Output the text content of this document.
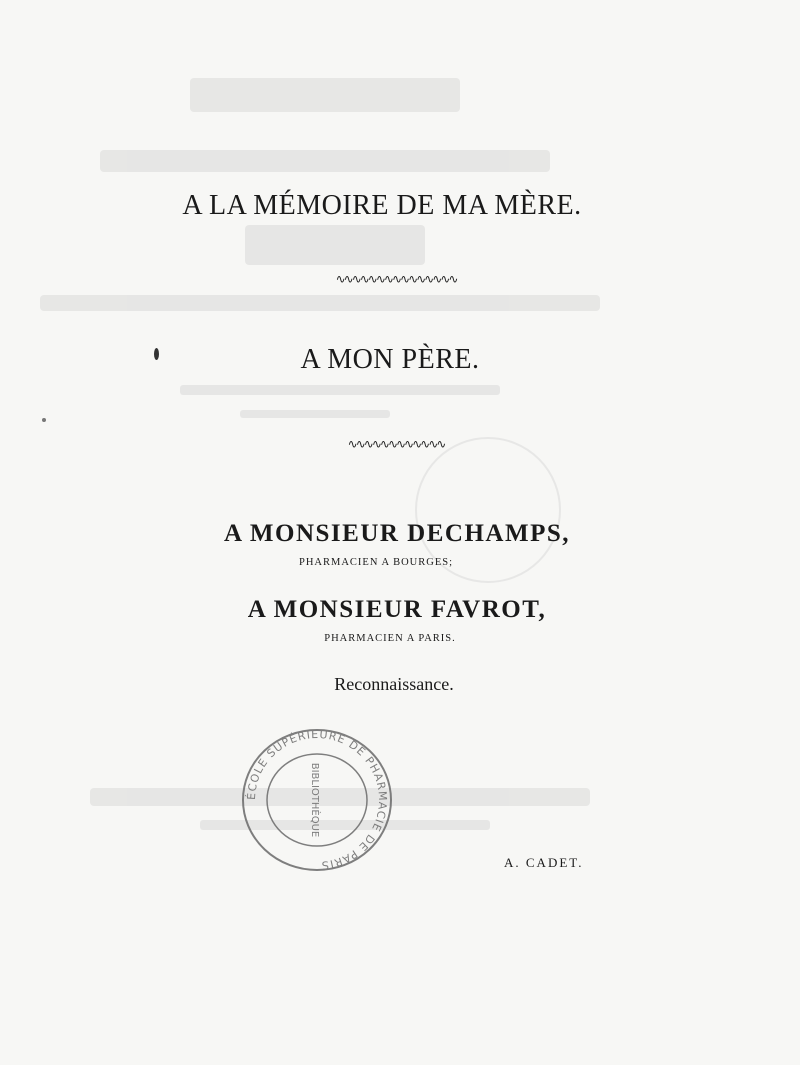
A LA MÉMOIRE DE MA MÈRE.
∿∿∿∿∿∿∿∿∿∿∿∿∿∿∿
A MON PÈRE.
∿∿∿∿∿∿∿∿∿∿∿∿
A MONSIEUR DECHAMPS,
PHARMACIEN A BOURGES;
A MONSIEUR FAVROT,
PHARMACIEN A PARIS.
Reconnaissance.
ÉCOLE SUPÉRIEURE DE PHARMACIE DE PARIS
BIBLIOTHÈQUE
A. CADET.
